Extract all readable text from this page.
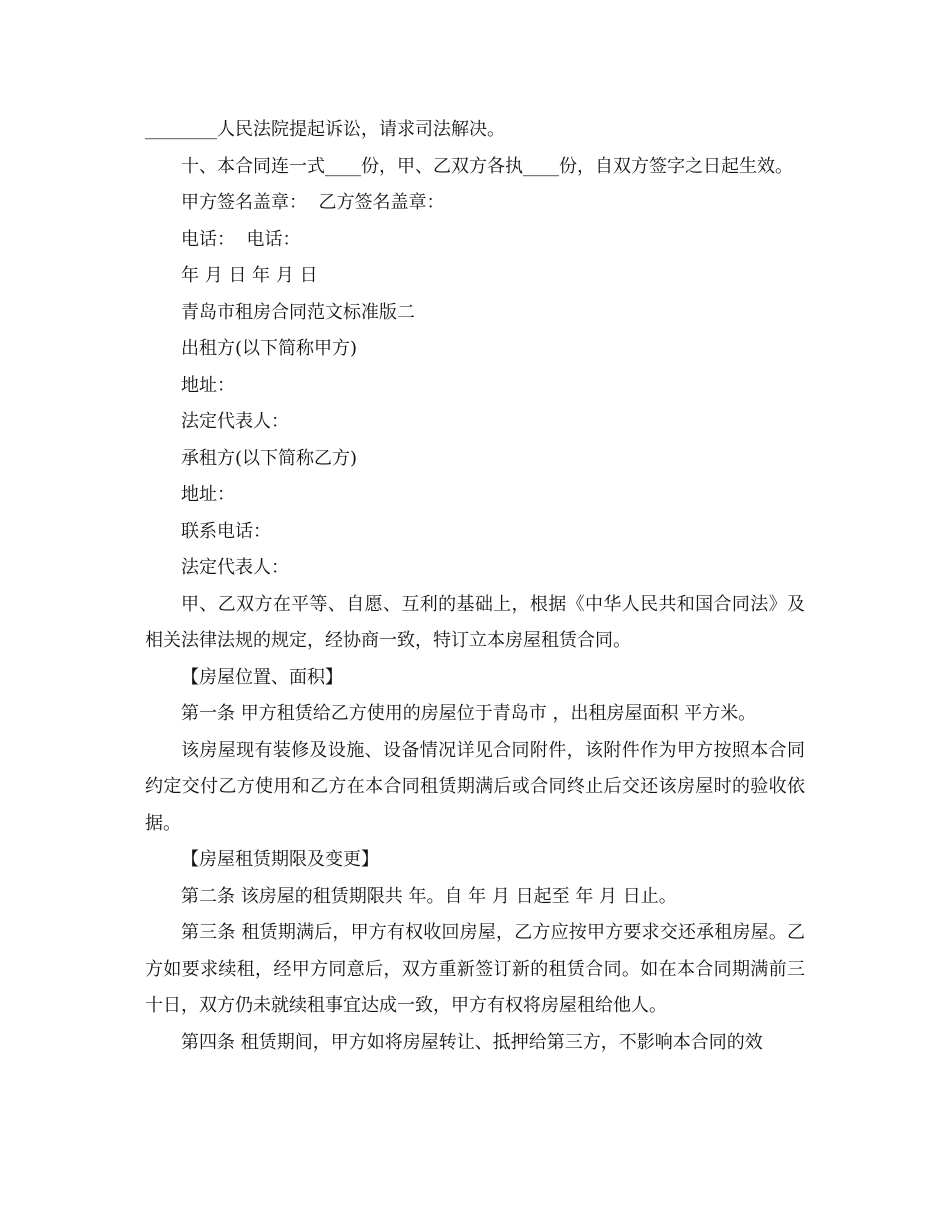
________人民法院提起诉讼，请求司法解决。

十、本合同连一式____份，甲、乙双方各执____份，自双方签字之日起生效。

甲方签名盖章：  乙方签名盖章：

电话：  电话：

年 月 日 年 月 日

青岛市租房合同范文标准版二

出租方(以下简称甲方)

地址：

法定代表人：

承租方(以下简称乙方)

地址：

联系电话：

法定代表人：

甲、乙双方在平等、自愿、互利的基础上，根据《中华人民共和国合同法》及相关法律法规的规定，经协商一致，特订立本房屋租赁合同。

【房屋位置、面积】

第一条 甲方租赁给乙方使用的房屋位于青岛市 ，出租房屋面积 平方米。

该房屋现有装修及设施、设备情况详见合同附件，该附件作为甲方按照本合同约定交付乙方使用和乙方在本合同租赁期满后或合同终止后交还该房屋时的验收依据。

【房屋租赁期限及变更】

第二条 该房屋的租赁期限共 年。自 年 月 日起至 年 月 日止。

第三条 租赁期满后，甲方有权收回房屋，乙方应按甲方要求交还承租房屋。乙方如要求续租，经甲方同意后，双方重新签订新的租赁合同。如在本合同期满前三十日，双方仍未就续租事宜达成一致，甲方有权将房屋租给他人。

第四条 租赁期间，甲方如将房屋转让、抵押给第三方，不影响本合同的效
